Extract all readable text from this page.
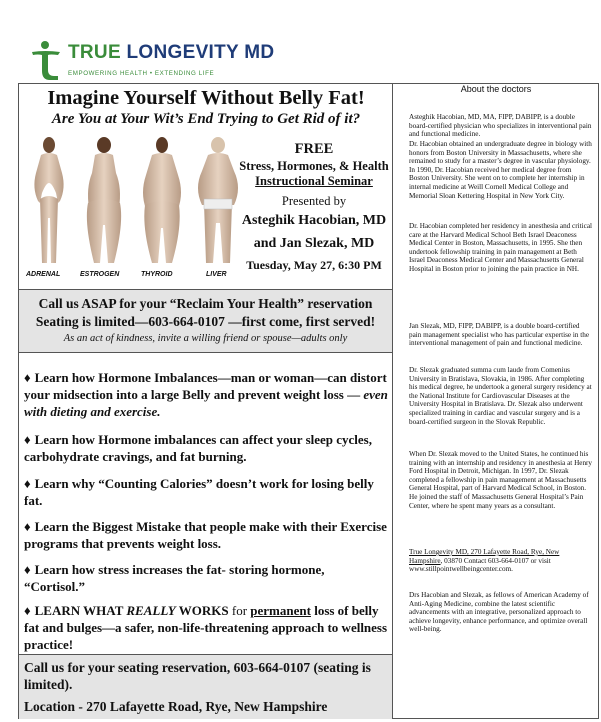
TRUE LONGEVITY MD
EMPOWERING HEALTH • EXTENDING LIFE
Imagine Yourself Without Belly Fat!
Are You at Your Wit’s End Trying to Get Rid of it?
ADRENAL	ESTROGEN	THYROID	LIVER
FREE
Stress, Hormones, & Health
Instructional Seminar
Presented by
Asteghik Hacobian, MD
and Jan Slezak, MD
Tuesday, May 27, 6:30 PM
Call us ASAP for your “Reclaim Your Health” reservation
Seating is limited—603-664-0107 —first come, first served!
As an act of kindness, invite a willing friend or spouse—adults only
♦ Learn how Hormone Imbalances—man or woman—can distort your midsection into a large Belly and prevent weight loss — even with dieting and exercise.
♦ Learn how Hormone imbalances can affect your sleep cycles, carbohydrate cravings, and fat burning.
♦ Learn why “Counting Calories” doesn’t work for losing belly fat.
♦ Learn the Biggest Mistake that people make with their Exercise programs that prevents weight loss.
♦ Learn how stress increases the fat- storing hormone, “Cortisol.”
♦ LEARN WHAT REALLY WORKS for permanent loss of belly fat and bulges—a safer, non-life-threatening approach to wellness practice!
Call us for your seating reservation, 603-664-0107 (seating is limited).
Location - 270 Lafayette Road, Rye, New Hampshire
About the doctors
Asteghik Hacobian, MD, MA, FIPP, DABIPP, is a double board-certified physician who specializes in interventional pain and functional medicine.
Dr. Hacobian obtained an undergraduate degree in biology with honors from Boston University in Massachusetts, where she remained to study for a master’s degree in vascular physiology. In 1990, Dr. Hacobian received her medical degree from Boston University. She went on to complete her internship in internal medicine at Weill Cornell Medical College and Memorial Sloan Kettering Hospital in New York City.
Dr. Hacobian completed her residency in anesthesia and critical care at the Harvard Medical School Beth Israel Deaconess Medical Center in Boston, Massachusetts, in 1995. She then undertook fellowship training in pain management at Beth Israel Deaconess Medical Center and Massachusetts General Hospital in Boston prior to joining the pain practice in NH.
Jan Slezak, MD, FIPP, DABIPP, is a double board-certified pain management specialist who has particular expertise in the interventional management of pain and functional medicine.
Dr. Slezak graduated summa cum laude from Comenius University in Bratislava, Slovakia, in 1986. After completing his medical degree, he undertook a general surgery residency at the National Institute for Cardiovascular Diseases at the University Hospital in Bratislava. Dr. Slezak also underwent specialized training in cardiac and vascular surgery and is a board-certified surgeon in the Slovak Republic.
When Dr. Slezak moved to the United States, he continued his training with an internship and residency in anesthesia at Henry Ford Hospital in Detroit, Michigan. In 1997, Dr. Slezak completed a fellowship in pain management at Massachusetts General Hospital, part of Harvard Medical School, in Boston. He joined the staff of Massachusetts General Hospital’s Pain Center, where he spent many years as a consultant.
True Longevity MD, 270 Lafayette Road, Rye, New Hampshire, 03870 Contact 603-664-0107 or visit www.stillpointwellbeingcenter.com.
Drs Hacobian and Slezak, as fellows of American Academy of Anti-Aging Medicine, combine the latest scientific advancements with an integrative, personalized approach to achieve longevity, enhance performance, and optimize overall well-being.
